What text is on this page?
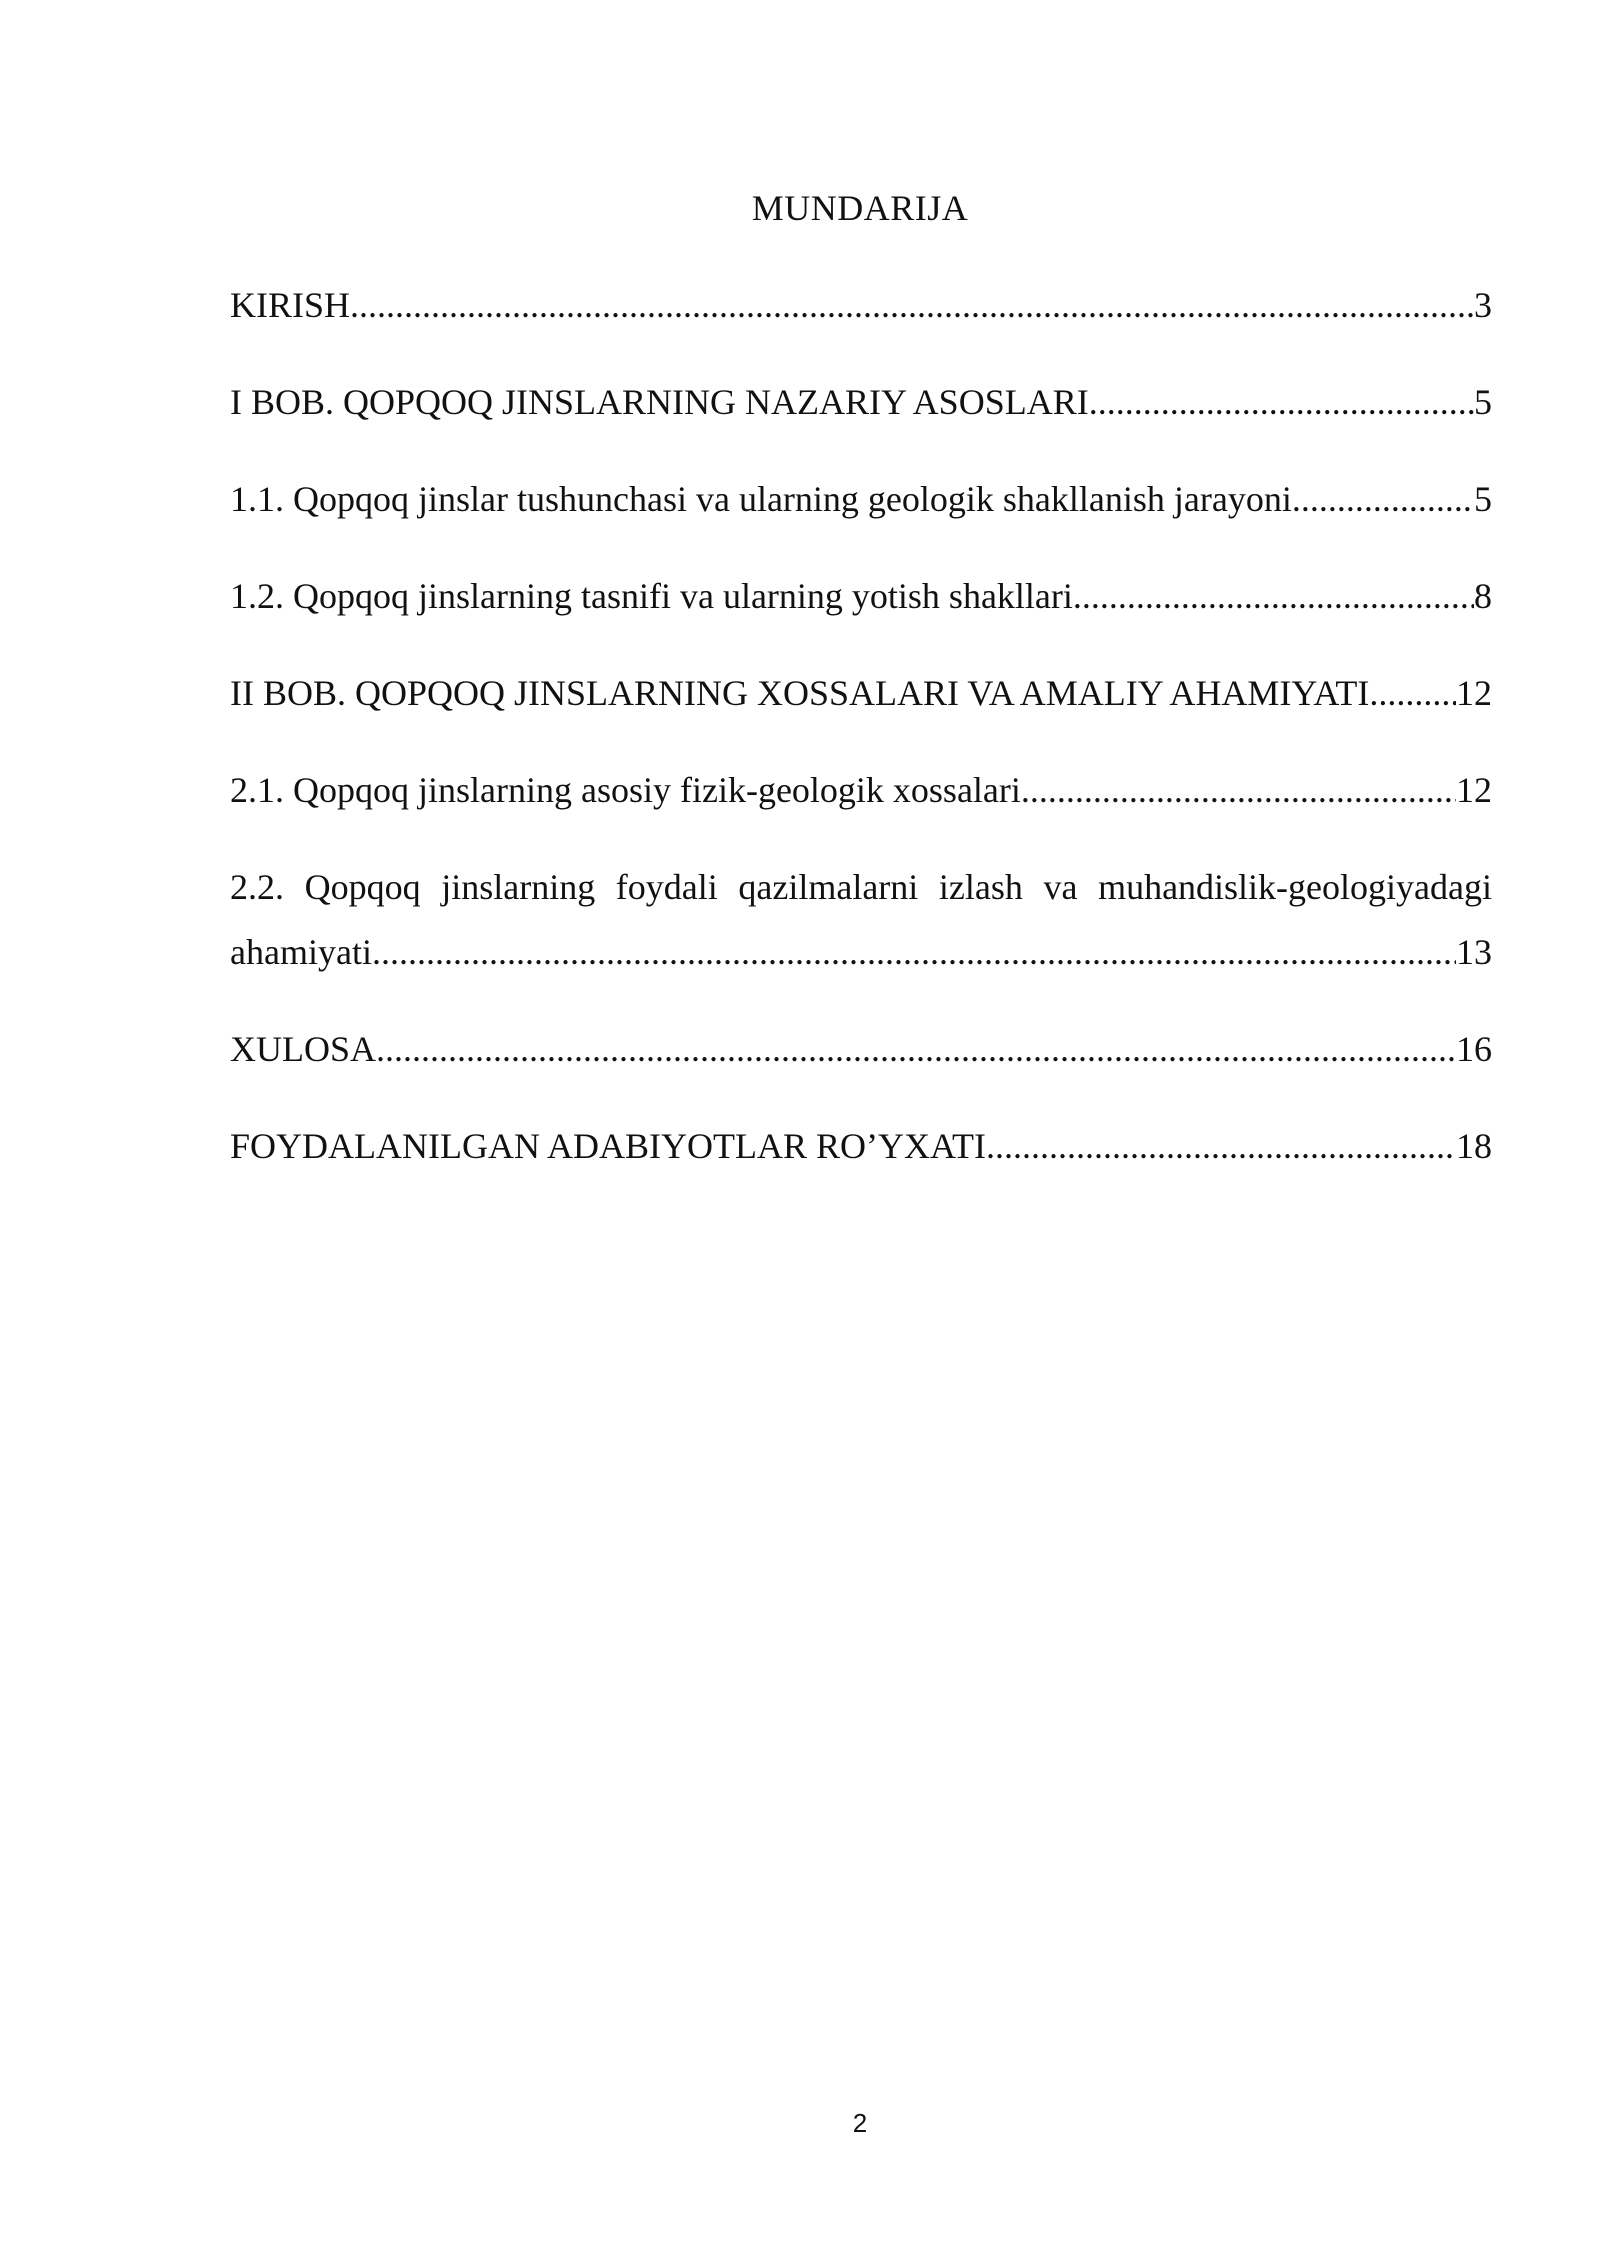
MUNDARIJA
KIRISH .....	3
I BOB. QOPQOQ JINSLARNING NAZARIY ASOSLARI .....	5
1.1. Qopqoq jinslar tushunchasi va ularning geologik shakllanish jarayoni .....	5
1.2. Qopqoq jinslarning tasnifi va ularning yotish shakllari .....	8
II BOB. QOPQOQ JINSLARNING XOSSALARI VA AMALIY AHAMIYATI ..... 12
2.1. Qopqoq jinslarning asosiy fizik-geologik xossalari .....	12
2.2. Qopqoq jinslarning foydali qazilmalarni izlash va muhandislik-geologiyadagi
ahamiyati .....	13
XULOSA .....	16
FOYDALANILGAN ADABIYOTLAR RO’YXATI .....	18
2
